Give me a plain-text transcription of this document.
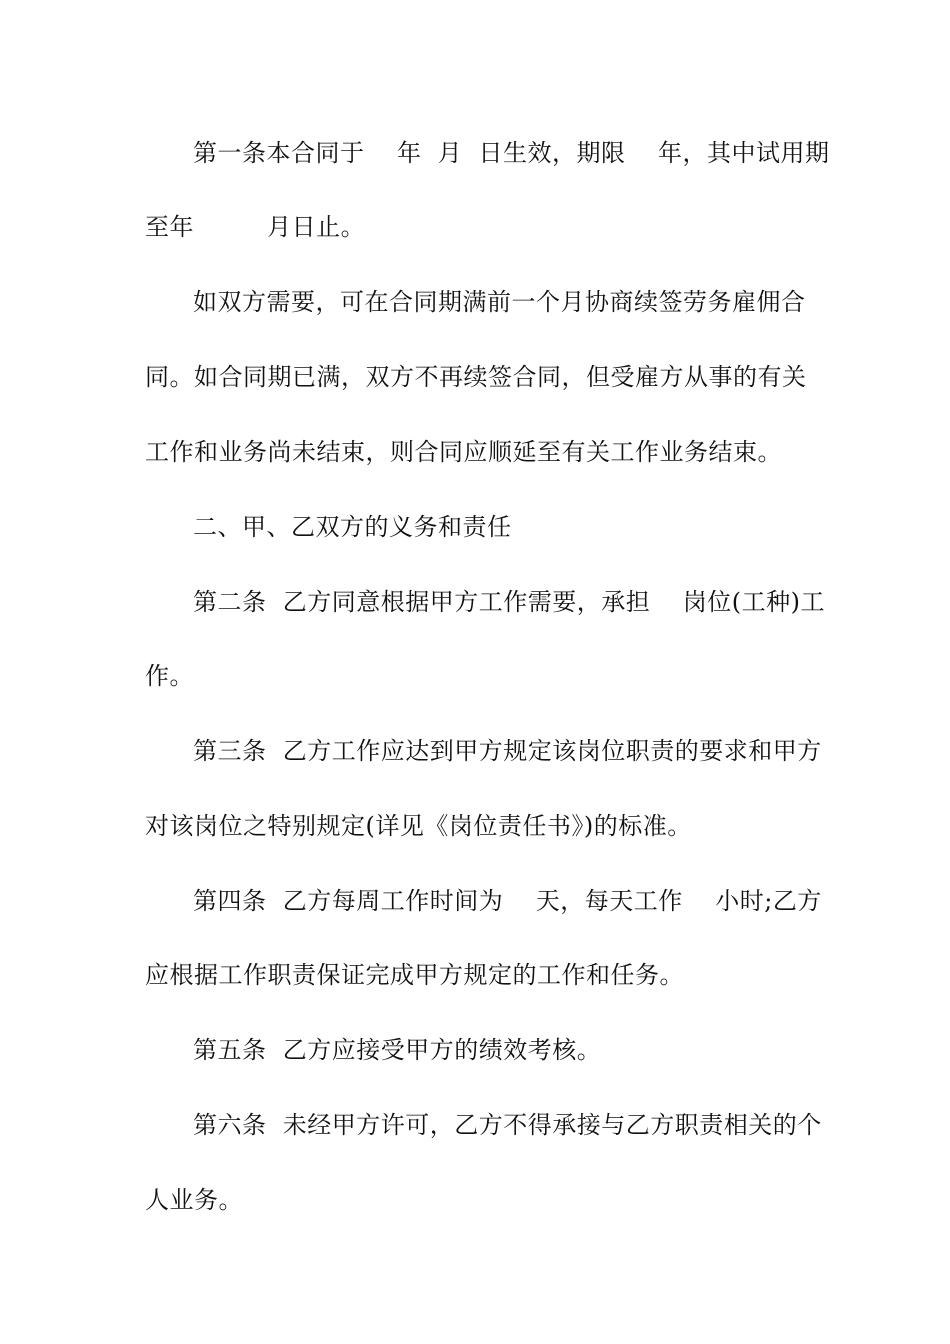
第一条本合同于    年  月  日生效，期限    年，其中试用期
至年         月日止。
如双方需要，可在合同期满前一个月协商续签劳务雇佣合
同。如合同期已满，双方不再续签合同，但受雇方从事的有关
工作和业务尚未结束，则合同应顺延至有关工作业务结束。
二、甲、乙双方的义务和责任
第二条  乙方同意根据甲方工作需要，承担    岗位(工种)工
作。
第三条  乙方工作应达到甲方规定该岗位职责的要求和甲方
对该岗位之特别规定(详见《岗位责任书》)的标准。
第四条  乙方每周工作时间为    天，每天工作    小时;乙方
应根据工作职责保证完成甲方规定的工作和任务。
第五条  乙方应接受甲方的绩效考核。
第六条  未经甲方许可，乙方不得承接与乙方职责相关的个
人业务。
